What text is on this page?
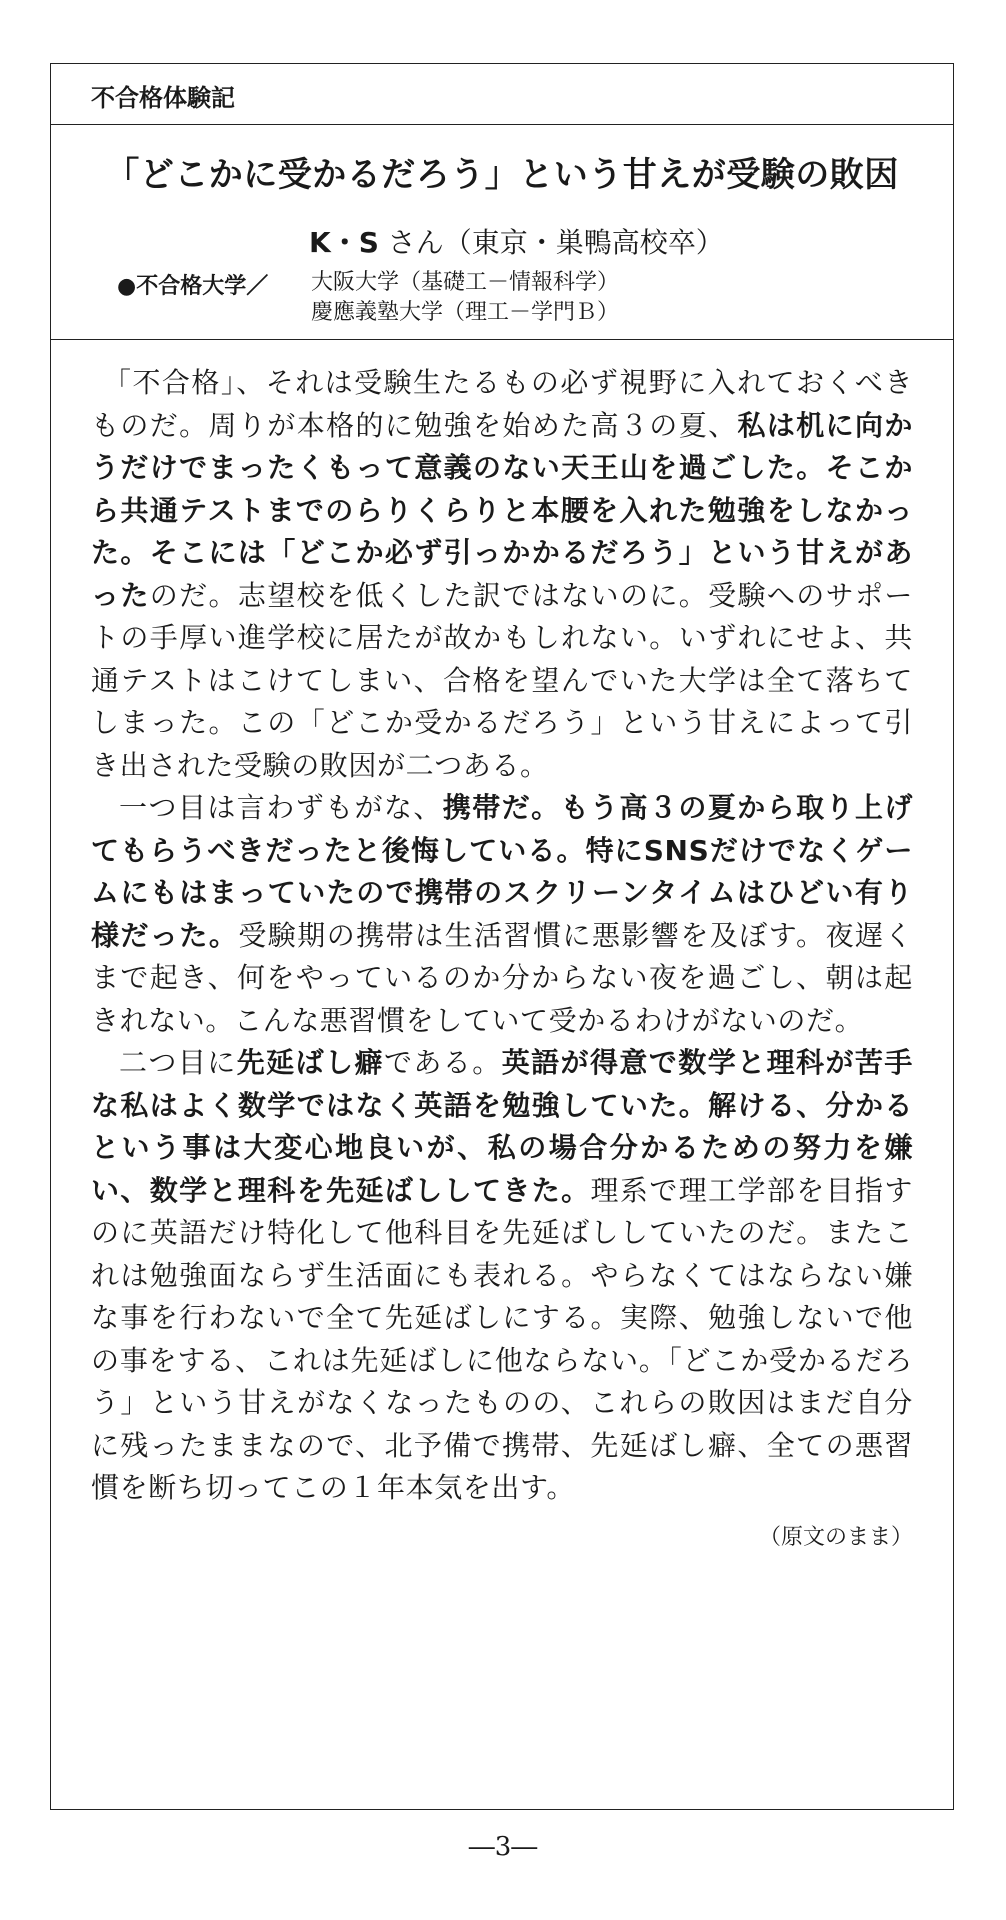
不合格体験記
「どこかに受かるだろう」という甘えが受験の敗因
K・S さん（東京・巣鴨高校卒）
●不合格大学／ 大阪大学（基礎工－情報科学）
慶應義塾大学（理工－学門Ｂ）

「不合格」、それは受験生たるもの必ず視野に入れておくべきものだ。周りが本格的に勉強を始めた高３の夏、私は机に向かうだけでまったくもって意義のない天王山を過ごした。そこから共通テストまでのらりくらりと本腰を入れた勉強をしなかった。そこには「どこか必ず引っかかるだろう」という甘えがあったのだ。志望校を低くした訳ではないのに。受験へのサポートの手厚い進学校に居たが故かもしれない。いずれにせよ、共通テストはこけてしまい、合格を望んでいた大学は全て落ちてしまった。この「どこか受かるだろう」という甘えによって引き出された受験の敗因が二つある。

一つ目は言わずもがな、携帯だ。もう高３の夏から取り上げてもらうべきだったと後悔している。特にSNSだけでなくゲームにもはまっていたので携帯のスクリーンタイムはひどい有り様だった。受験期の携帯は生活習慣に悪影響を及ぼす。夜遅くまで起き、何をやっているのか分からない夜を過ごし、朝は起きれない。こんな悪習慣をしていて受かるわけがないのだ。

二つ目に先延ばし癖である。英語が得意で数学と理科が苦手な私はよく数学ではなく英語を勉強していた。解ける、分かるという事は大変心地良いが、私の場合分かるための努力を嫌い、数学と理科を先延ばししてきた。理系で理工学部を目指すのに英語だけ特化して他科目を先延ばししていたのだ。またこれは勉強面ならず生活面にも表れる。やらなくてはならない嫌な事を行わないで全て先延ばしにする。実際、勉強しないで他の事をする、これは先延ばしに他ならない。「どこか受かるだろう」という甘えがなくなったものの、これらの敗因はまだ自分に残ったままなので、北予備で携帯、先延ばし癖、全ての悪習慣を断ち切ってこの１年本気を出す。

（原文のまま）
―3―
